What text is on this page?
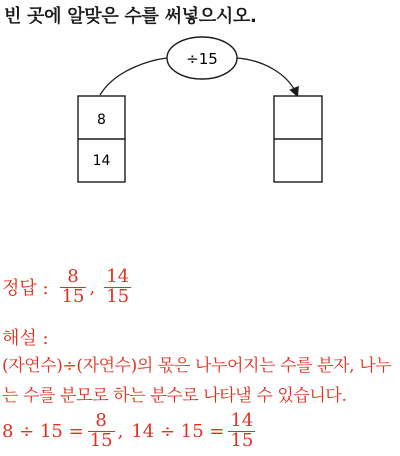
빈 곳에 알맞은 수를 써넣으시오.
÷15
8
14
정답 : $\frac{8}{15}$ , $\frac{14}{15}$
해설 :
(자연수)÷(자연수)의 몫은 나누어지는 수를 분자, 나누
는 수를 분모로 하는 분수로 나타낼 수 있습니다.
$8 \div 15 = \frac{8}{15}$ , $14 \div 15 = \frac{14}{15}$
